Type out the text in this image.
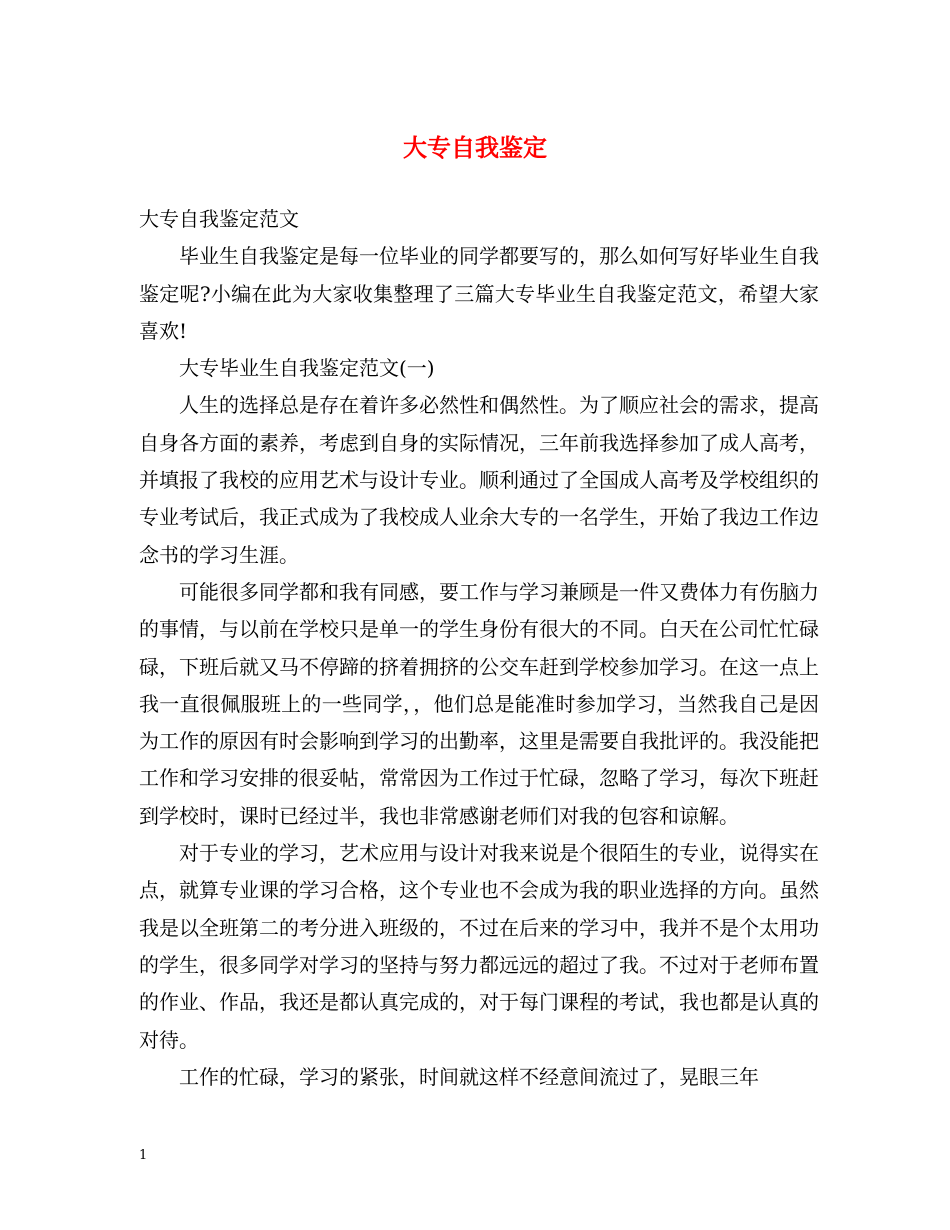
大专自我鉴定

大专自我鉴定范文

毕业生自我鉴定是每一位毕业的同学都要写的，那么如何写好毕业生自我鉴定呢?小编在此为大家收集整理了三篇大专毕业生自我鉴定范文，希望大家喜欢!

大专毕业生自我鉴定范文(一)

人生的选择总是存在着许多必然性和偶然性。为了顺应社会的需求，提高自身各方面的素养，考虑到自身的实际情况，三年前我选择参加了成人高考，并填报了我校的应用艺术与设计专业。顺利通过了全国成人高考及学校组织的专业考试后，我正式成为了我校成人业余大专的一名学生，开始了我边工作边念书的学习生涯。

可能很多同学都和我有同感，要工作与学习兼顾是一件又费体力有伤脑力的事情，与以前在学校只是单一的学生身份有很大的不同。白天在公司忙忙碌碌，下班后就又马不停蹄的挤着拥挤的公交车赶到学校参加学习。在这一点上我一直很佩服班上的一些同学，，他们总是能准时参加学习，当然我自己是因为工作的原因有时会影响到学习的出勤率，这里是需要自我批评的。我没能把工作和学习安排的很妥帖，常常因为工作过于忙碌，忽略了学习，每次下班赶到学校时，课时已经过半，我也非常感谢老师们对我的包容和谅解。

对于专业的学习，艺术应用与设计对我来说是个很陌生的专业，说得实在点，就算专业课的学习合格，这个专业也不会成为我的职业选择的方向。虽然我是以全班第二的考分进入班级的，不过在后来的学习中，我并不是个太用功的学生，很多同学对学习的坚持与努力都远远的超过了我。不过对于老师布置的作业、作品，我还是都认真完成的，对于每门课程的考试，我也都是认真的对待。

工作的忙碌，学习的紧张，时间就这样不经意间流过了，晃眼三年

1
